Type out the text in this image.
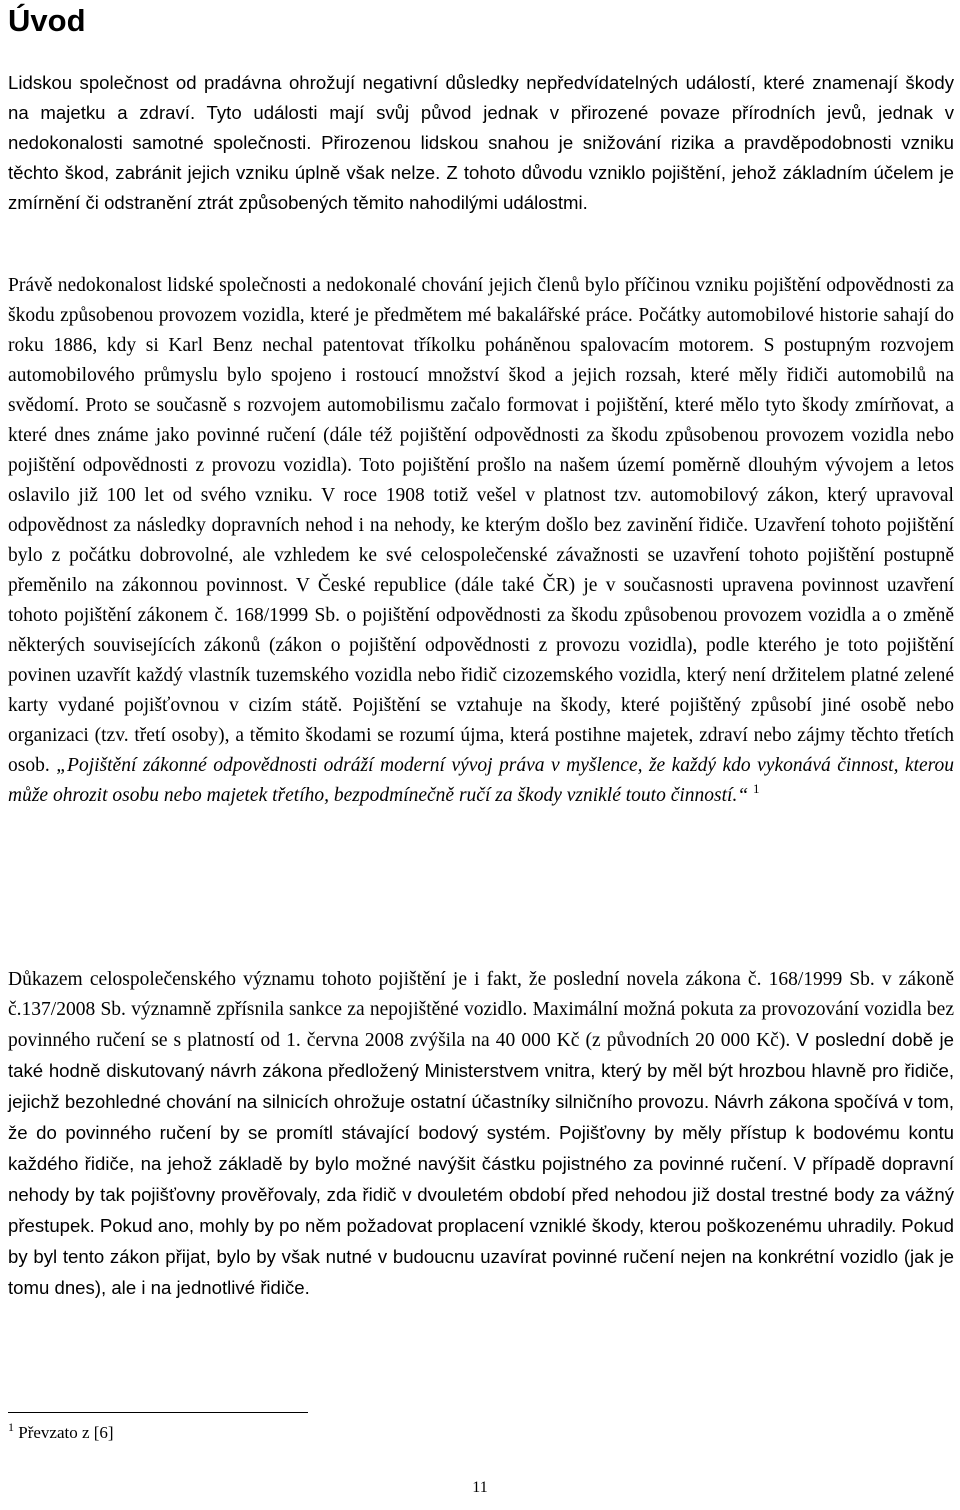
Úvod

Lidskou společnost od pradávna ohrožují negativní důsledky nepředvídatelných událostí, které znamenají škody na majetku a zdraví. Tyto události mají svůj původ jednak v přirozené povaze přírodních jevů, jednak v nedokonalosti samotné společnosti. Přirozenou lidskou snahou je snižování rizika a pravděpodobnosti vzniku těchto škod, zabránit jejich vzniku úplně však nelze. Z tohoto důvodu vzniklo pojištění, jehož základním účelem je zmírnění či odstranění ztrát způsobených těmito nahodilými událostmi.

Právě nedokonalost lidské společnosti a nedokonalé chování jejich členů bylo příčinou vzniku pojištění odpovědnosti za škodu způsobenou provozem vozidla, které je předmětem mé bakalářské práce. Počátky automobilové historie sahají do roku 1886, kdy si Karl Benz nechal patentovat tříkolku poháněnou spalovacím motorem. S postupným rozvojem automobilového průmyslu bylo spojeno i rostoucí množství škod a jejich rozsah, které měly řidiči automobilů na svědomí. Proto se současně s rozvojem automobilismu začalo formovat i pojištění, které mělo tyto škody zmírňovat, a které dnes známe jako povinné ručení (dále též pojištění odpovědnosti za škodu způsobenou provozem vozidla nebo pojištění odpovědnosti z provozu vozidla). Toto pojištění prošlo na našem území poměrně dlouhým vývojem a letos oslavilo již 100 let od svého vzniku. V roce 1908 totiž vešel v platnost tzv. automobilový zákon, který upravoval odpovědnost za následky dopravních nehod i na nehody, ke kterým došlo bez zavinění řidiče. Uzavření tohoto pojištění bylo z počátku dobrovolné, ale vzhledem ke své celospolečenské závažnosti se uzavření tohoto pojištění postupně přeměnilo na zákonnou povinnost. V České republice (dále také ČR) je v současnosti upravena povinnost uzavření tohoto pojištění zákonem č. 168/1999 Sb. o pojištění odpovědnosti za škodu způsobenou provozem vozidla a o změně některých souvisejících zákonů (zákon o pojištění odpovědnosti z provozu vozidla), podle kterého je toto pojištění povinen uzavřít každý vlastník tuzemského vozidla nebo řidič cizozemského vozidla, který není držitelem platné zelené karty vydané pojišťovnou v cizím státě. Pojištění se vztahuje na škody, které pojištěný způsobí jiné osobě nebo organizaci (tzv. třetí osoby), a těmito škodami se rozumí újma, která postihne majetek, zdraví nebo zájmy těchto třetích osob. „Pojištění zákonné odpovědnosti odráží moderní vývoj práva v myšlence, že každý kdo vykonává činnost, kterou může ohrozit osobu nebo majetek třetího, bezpodmínečně ručí za škody vzniklé touto činností.“ $^1$

Důkazem celospolečenského významu tohoto pojištění je i fakt, že poslední novela zákona č. 168/1999 Sb. v zákoně č.137/2008 Sb. významně zpřísnila sankce za nepojištěné vozidlo. Maximální možná pokuta za provozování vozidla bez povinného ručení se s platností od 1. června 2008 zvýšila na 40 000 Kč (z původních 20 000 Kč). V poslední době je také hodně diskutovaný návrh zákona předložený Ministerstvem vnitra, který by měl být hrozbou hlavně pro řidiče, jejichž bezohledné chování na silnicích ohrožuje ostatní účastníky silničního provozu. Návrh zákona spočívá v tom, že do povinného ručení by se promítl stávající bodový systém. Pojišťovny by měly přístup k bodovému kontu každého řidiče, na jehož základě by bylo možné navýšit částku pojistného za povinné ručení. V případě dopravní nehody by tak pojišťovny prověřovaly, zda řidič v dvouletém období před nehodou již dostal trestné body za vážný přestupek. Pokud ano, mohly by po něm požadovat proplacení vzniklé škody, kterou poškozenému uhradily. Pokud by byl tento zákon přijat, bylo by však nutné v budoucnu uzavírat povinné ručení nejen na konkrétní vozidlo (jak je tomu dnes), ale i na jednotlivé řidiče.

$^1$ Převzato z [6]

11
